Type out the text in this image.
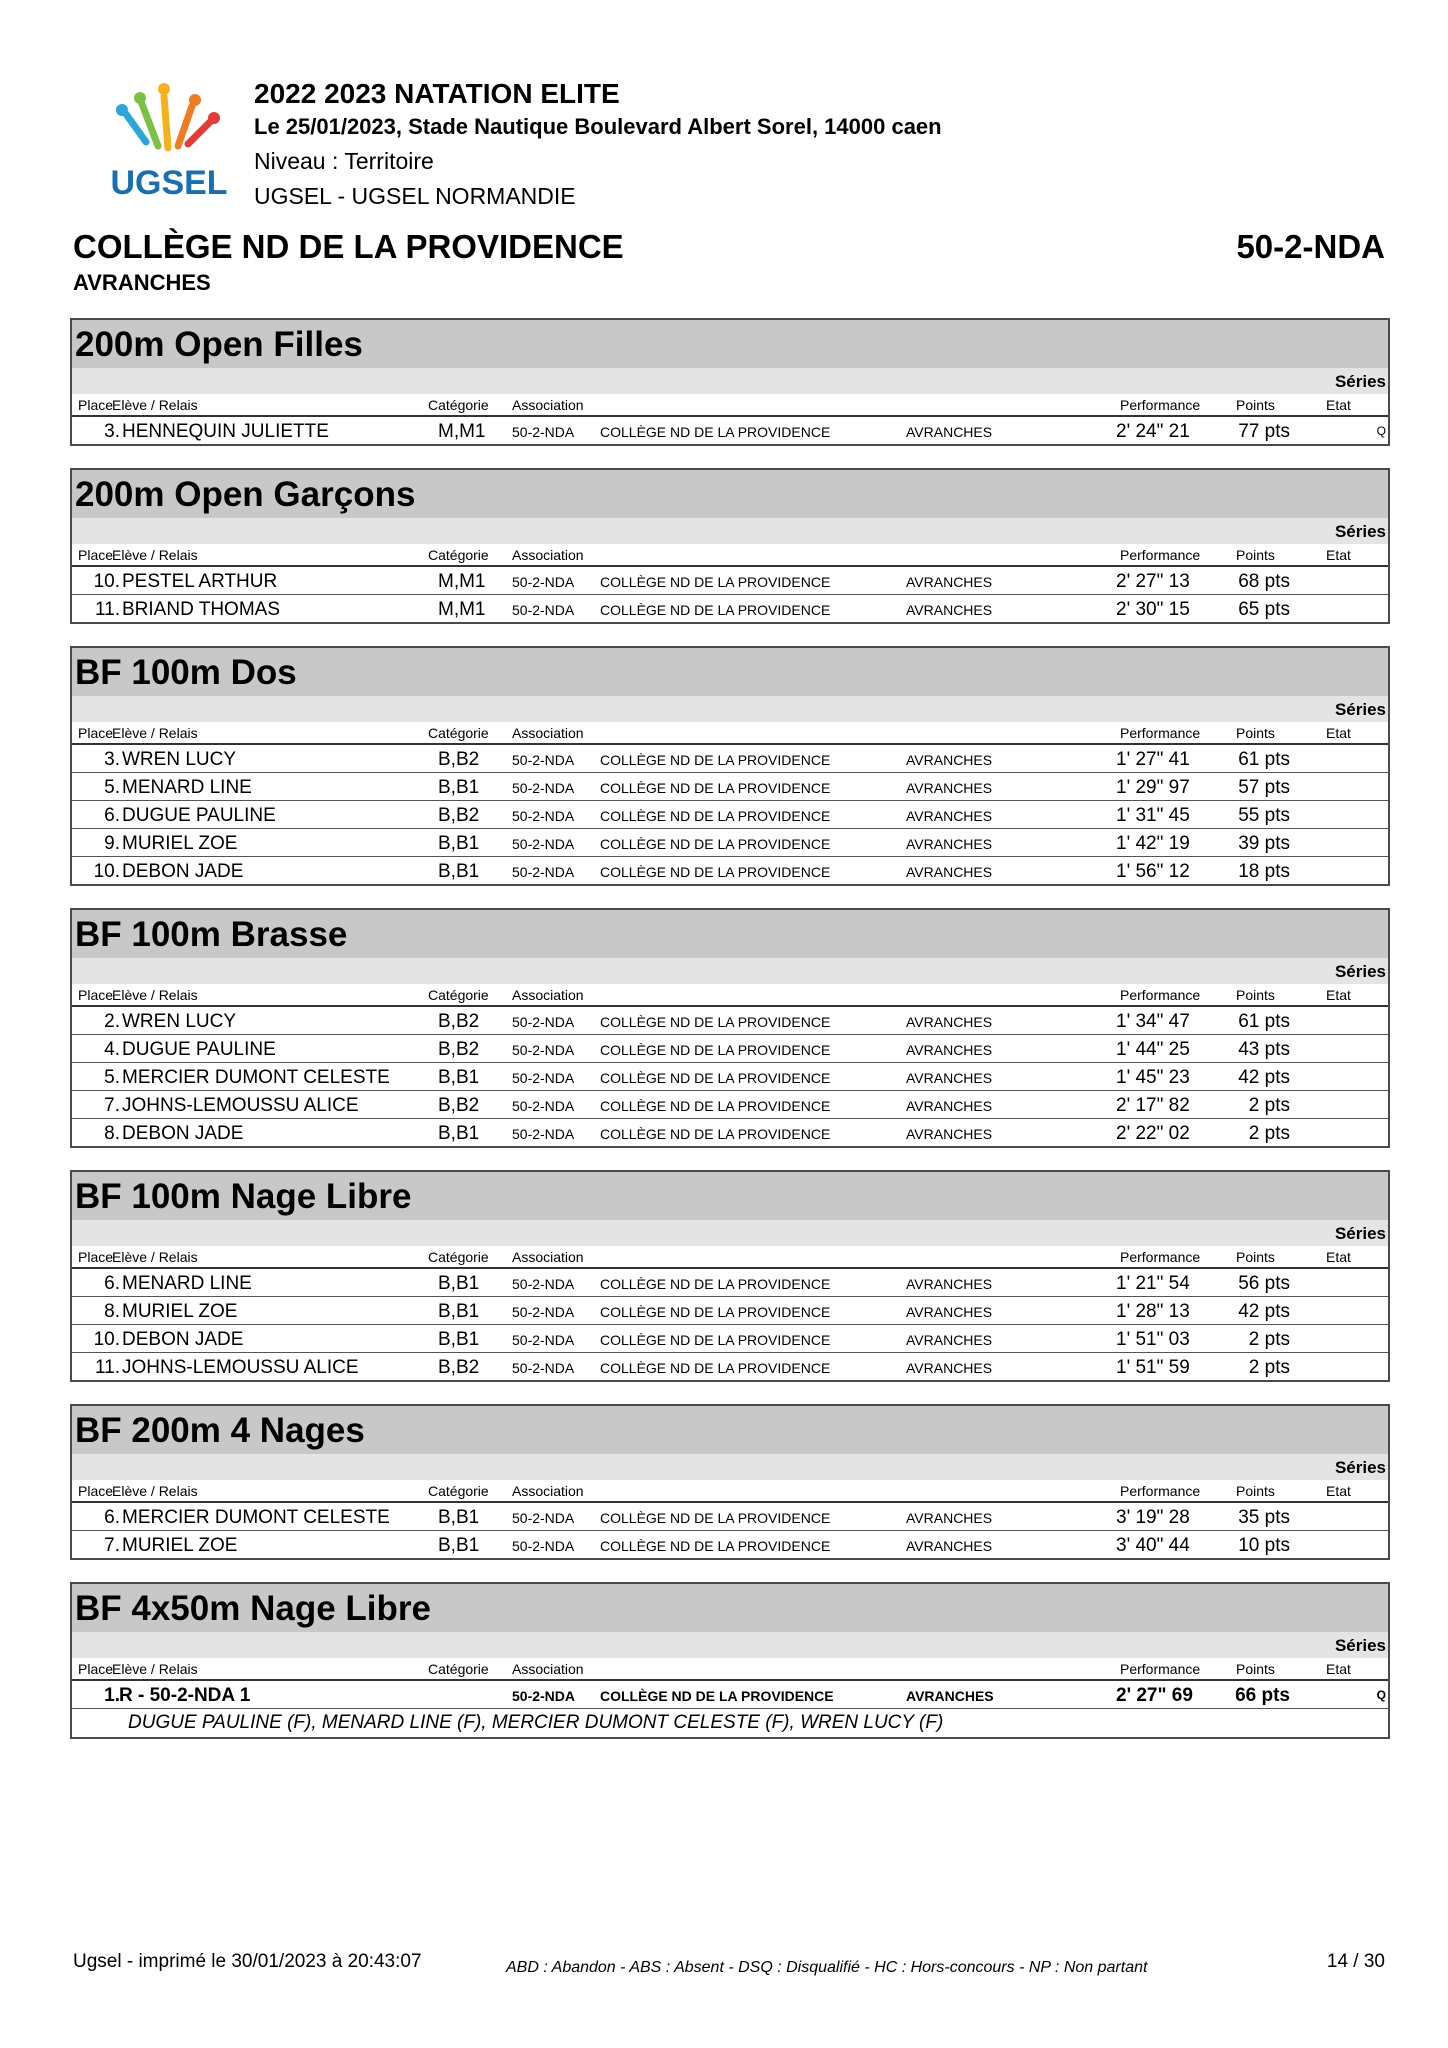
UGSEL
2022 2023 NATATION ELITE
Le 25/01/2023, Stade Nautique Boulevard Albert Sorel, 14000 caen
Niveau : Territoire
UGSEL - UGSEL NORMANDIE
COLLÈGE ND DE LA PROVIDENCE
AVRANCHES
50-2-NDA
200m Open Filles
Séries
Place
Elève / Relais	Catégorie Association	Performance	Points	Etat
3. HENNEQUIN JULIETTE	M,M1 50-2-NDA COLLÈGE ND DE LA PROVIDENCE	AVRANCHES	2' 24" 21	77 pts	Q
200m Open Garçons
Séries
Place
Elève / Relais	Catégorie Association	Performance	Points	Etat
10. PESTEL ARTHUR	M,M1 50-2-NDA COLLÈGE ND DE LA PROVIDENCE	AVRANCHES	2' 27" 13	68 pts
11. BRIAND THOMAS	M,M1 50-2-NDA COLLÈGE ND DE LA PROVIDENCE	AVRANCHES	2' 30" 15	65 pts
BF 100m Dos
Séries
Place
Elève / Relais	Catégorie Association	Performance	Points	Etat
3. WREN LUCY	B,B2 50-2-NDA COLLÈGE ND DE LA PROVIDENCE	AVRANCHES	1' 27" 41	61 pts
5. MENARD LINE	B,B1 50-2-NDA COLLÈGE ND DE LA PROVIDENCE	AVRANCHES	1' 29" 97	57 pts
6. DUGUE PAULINE	B,B2 50-2-NDA COLLÈGE ND DE LA PROVIDENCE	AVRANCHES	1' 31" 45	55 pts
9. MURIEL ZOE	B,B1 50-2-NDA COLLÈGE ND DE LA PROVIDENCE	AVRANCHES	1' 42" 19	39 pts
10. DEBON JADE	B,B1 50-2-NDA COLLÈGE ND DE LA PROVIDENCE	AVRANCHES	1' 56" 12	18 pts
BF 100m Brasse
Séries
Place
Elève / Relais	Catégorie Association	Performance	Points	Etat
2. WREN LUCY	B,B2 50-2-NDA COLLÈGE ND DE LA PROVIDENCE	AVRANCHES	1' 34" 47	61 pts
4. DUGUE PAULINE	B,B2 50-2-NDA COLLÈGE ND DE LA PROVIDENCE	AVRANCHES	1' 44" 25	43 pts
5. MERCIER DUMONT CELESTE	B,B1 50-2-NDA COLLÈGE ND DE LA PROVIDENCE	AVRANCHES	1' 45" 23	42 pts
7. JOHNS-LEMOUSSU ALICE	B,B2 50-2-NDA COLLÈGE ND DE LA PROVIDENCE	AVRANCHES	2' 17" 82	2 pts
8. DEBON JADE	B,B1 50-2-NDA COLLÈGE ND DE LA PROVIDENCE	AVRANCHES	2' 22" 02	2 pts
BF 100m Nage Libre
Séries
Place
Elève / Relais	Catégorie Association	Performance	Points	Etat
6. MENARD LINE	B,B1 50-2-NDA COLLÈGE ND DE LA PROVIDENCE	AVRANCHES	1' 21" 54	56 pts
8. MURIEL ZOE	B,B1 50-2-NDA COLLÈGE ND DE LA PROVIDENCE	AVRANCHES	1' 28" 13	42 pts
10. DEBON JADE	B,B1 50-2-NDA COLLÈGE ND DE LA PROVIDENCE	AVRANCHES	1' 51" 03	2 pts
11. JOHNS-LEMOUSSU ALICE	B,B2 50-2-NDA COLLÈGE ND DE LA PROVIDENCE	AVRANCHES	1' 51" 59	2 pts
BF 200m 4 Nages
Séries
Place
Elève / Relais	Catégorie Association	Performance	Points	Etat
6. MERCIER DUMONT CELESTE	B,B1 50-2-NDA COLLÈGE ND DE LA PROVIDENCE	AVRANCHES	3' 19" 28	35 pts
7. MURIEL ZOE	B,B1 50-2-NDA COLLÈGE ND DE LA PROVIDENCE	AVRANCHES	3' 40" 44	10 pts
BF 4x50m Nage Libre
Séries
Place
Elève / Relais	Catégorie Association	Performance	Points	Etat
1. R - 50-2-NDA 1	50-2-NDA COLLÈGE ND DE LA PROVIDENCE	AVRANCHES	2' 27" 69 66 pts	Q
DUGUE PAULINE (F), MENARD LINE (F), MERCIER DUMONT CELESTE (F), WREN LUCY (F)
Ugsel - imprimé le 30/01/2023 à 20:43:07	ABD : Abandon - ABS : Absent - DSQ : Disqualifié - HC : Hors-concours - NP : Non partant	14 / 30
